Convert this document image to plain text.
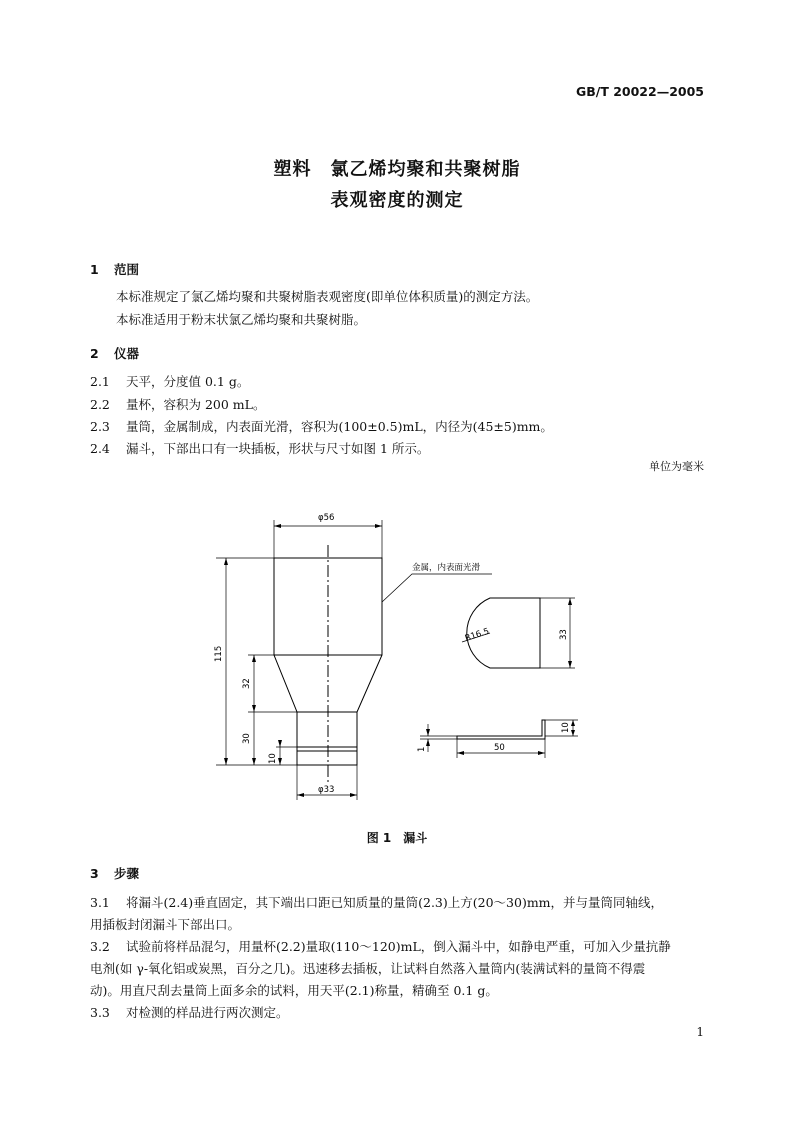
GB/T 20022—2005
塑料　氯乙烯均聚和共聚树脂
表观密度的测定
1 范围
本标准规定了氯乙烯均聚和共聚树脂表观密度(即单位体积质量)的测定方法。
本标准适用于粉末状氯乙烯均聚和共聚树脂。
2 仪器
2.1 天平，分度值 0.1 g。
2.2 量杯，容积为 200 mL。
2.3 量筒，金属制成，内表面光滑，容积为(100±0.5)mL，内径为(45±5)mm。
2.4 漏斗，下部出口有一块插板，形状与尺寸如图 1 所示。
单位为毫米
φ56
金属，内表面光滑
115
32
30
10
φ33
R16.5	33
1	50
10
图 1　漏斗
3 步骤
3.1 将漏斗(2.4)垂直固定，其下端出口距已知质量的量筒(2.3)上方(20～30)mm，并与量筒同轴线，
用插板封闭漏斗下部出口。
3.2 试验前将样品混匀，用量杯(2.2)量取(110～120)mL，倒入漏斗中，如静电严重，可加入少量抗静
电剂(如 γ-氧化铝或炭黑，百分之几)。迅速移去插板，让试料自然落入量筒内(装满试料的量筒不得震
动)。用直尺刮去量筒上面多余的试料，用天平(2.1)称量，精确至 0.1 g。
3.3 对检测的样品进行两次测定。
1
